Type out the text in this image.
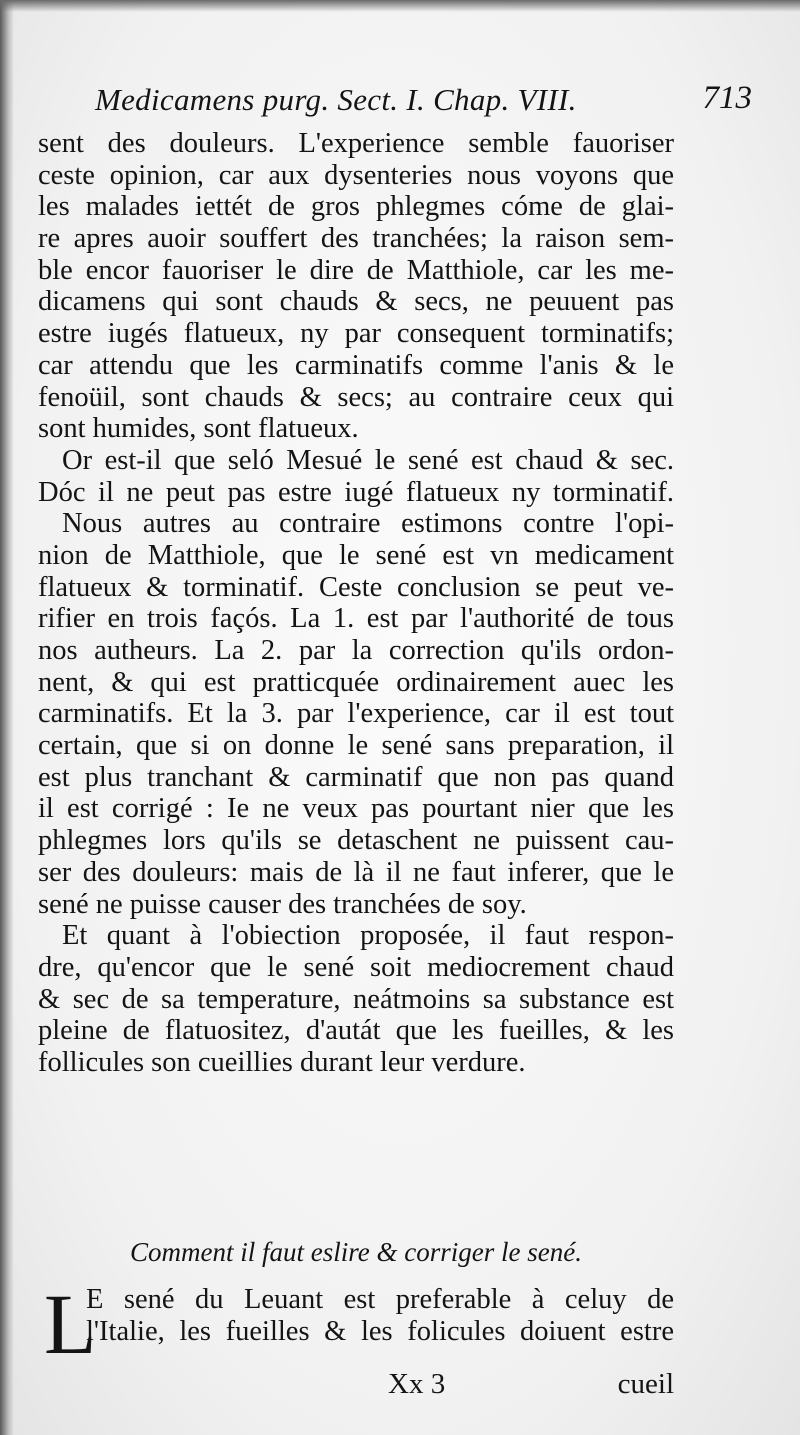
Medicamens purg. Sect. I. Chap. VIII.	713
sent des douleurs. L'experience semble fauoriser
ceste opinion, car aux dysenteries nous voyons que
les malades iettét de gros phlegmes cóme de glai-
re apres auoir souffert des tranchées; la raison sem-
ble encor fauoriser le dire de Matthiole, car les me-
dicamens qui sont chauds & secs, ne peuuent pas
estre iugés flatueux, ny par consequent torminatifs;
car attendu que les carminatifs comme l'anis & le
fenoüil, sont chauds & secs; au contraire ceux qui
sont humides, sont flatueux.
Or est-il que seló Mesué le sené est chaud & sec.
Dóc il ne peut pas estre iugé flatueux ny torminatif.
Nous autres au contraire estimons contre l'opi-
nion de Matthiole, que le sené est vn medicament
flatueux & torminatif. Ceste conclusion se peut ve-
rifier en trois façós. La 1. est par l'authorité de tous
nos autheurs. La 2. par la correction qu'ils ordon-
nent, & qui est pratticquée ordinairement auec les
carminatifs. Et la 3. par l'experience, car il est tout
certain, que si on donne le sené sans preparation, il
est plus tranchant & carminatif que non pas quand
il est corrigé : Ie ne veux pas pourtant nier que les
phlegmes lors qu'ils se detaschent ne puissent cau-
ser des douleurs: mais de là il ne faut inferer, que le
sené ne puisse causer des tranchées de soy.
Et quant à l'obiection proposée, il faut respon-
dre, qu'encor que le sené soit mediocrement chaud
& sec de sa temperature, neátmoins sa substance est
pleine de flatuositez, d'autát que les fueilles, & les
follicules son cueillies durant leur verdure.
Comment il faut eslire & corriger le sené.
L
E sené du Leuant est preferable à celuy de
l'Italie, les fueilles & les folicules doiuent estre
Xx 3	cueil
